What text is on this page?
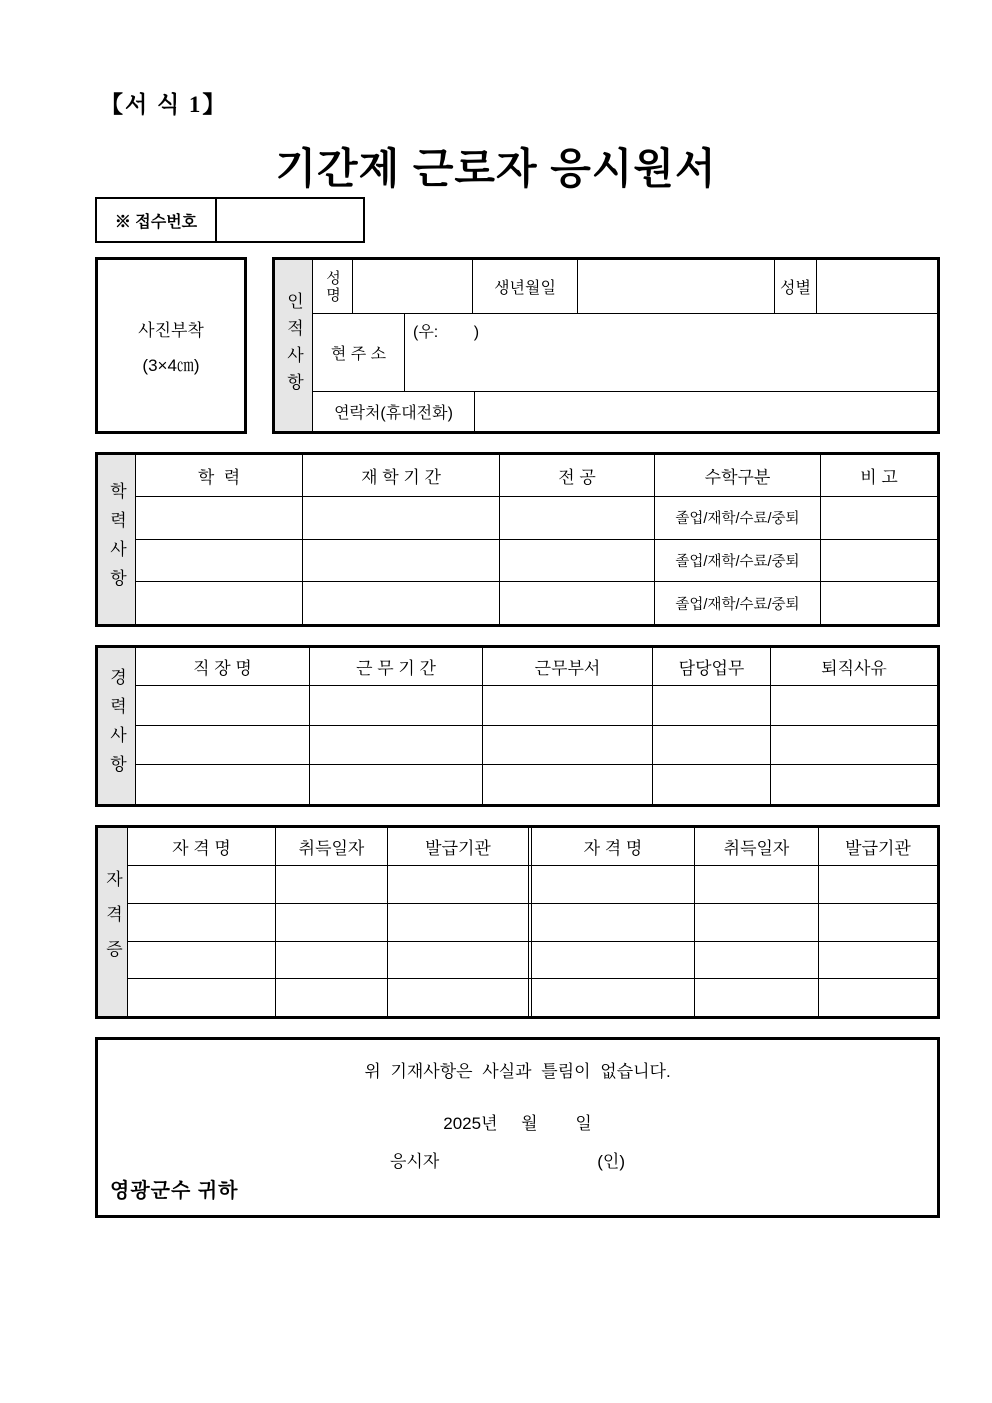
【서 식 1】
기간제 근로자 응시원서
※ 접수번호
사진부착
(3×4㎝)	인적사항
성명	생년월일	성별
현 주 소
(우:        )
연락처(휴대전화)
학력사항
학  력	재 학 기 간	전 공	수학구분	비 고
졸업/재학/수료/중퇴
졸업/재학/수료/중퇴
졸업/재학/수료/중퇴
경력사항	직 장 명	근 무 기 간	근무부서	담당업무	퇴직사유
자격증
자 격 명	취득일자	발급기관	자 격 명	취득일자	발급기관
위 기재사항은 사실과 틀림이 없습니다.
2025년     월        일
응시자	(인)
영광군수 귀하
